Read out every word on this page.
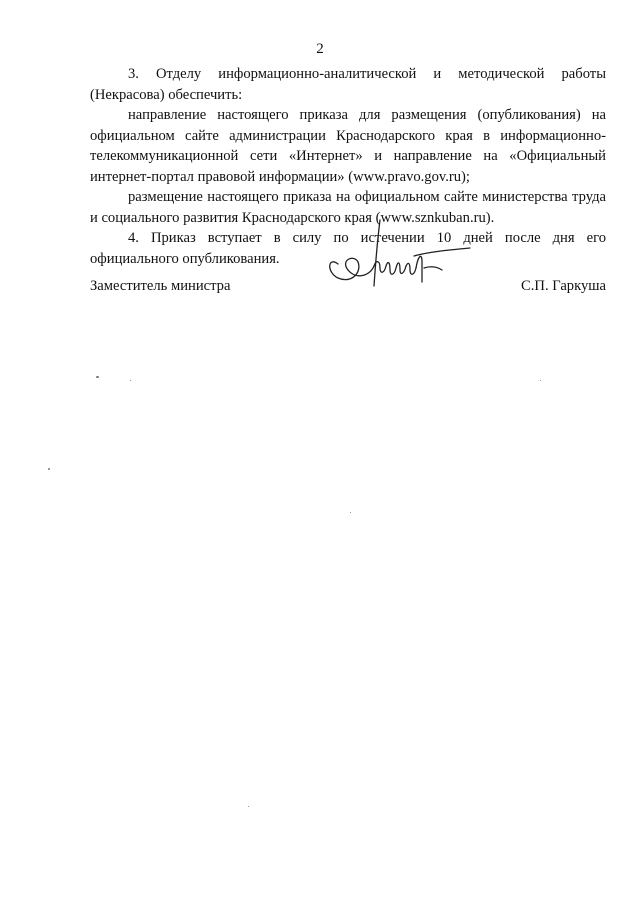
2

3. Отделу информационно-аналитической и методической работы (Некрасова) обеспечить:

направление настоящего приказа для размещения (опубликования) на официальном сайте администрации Краснодарского края в информационно-телекоммуникационной сети «Интернет» и направление на «Официальный интернет-портал правовой информации» (www.pravo.gov.ru);

размещение настоящего приказа на официальном сайте министерства труда и социального развития Краснодарского края (www.sznkuban.ru).

4. Приказ вступает в силу по истечении 10 дней после дня его официального опубликования.

Заместитель министра	С.П. Гаркуша
